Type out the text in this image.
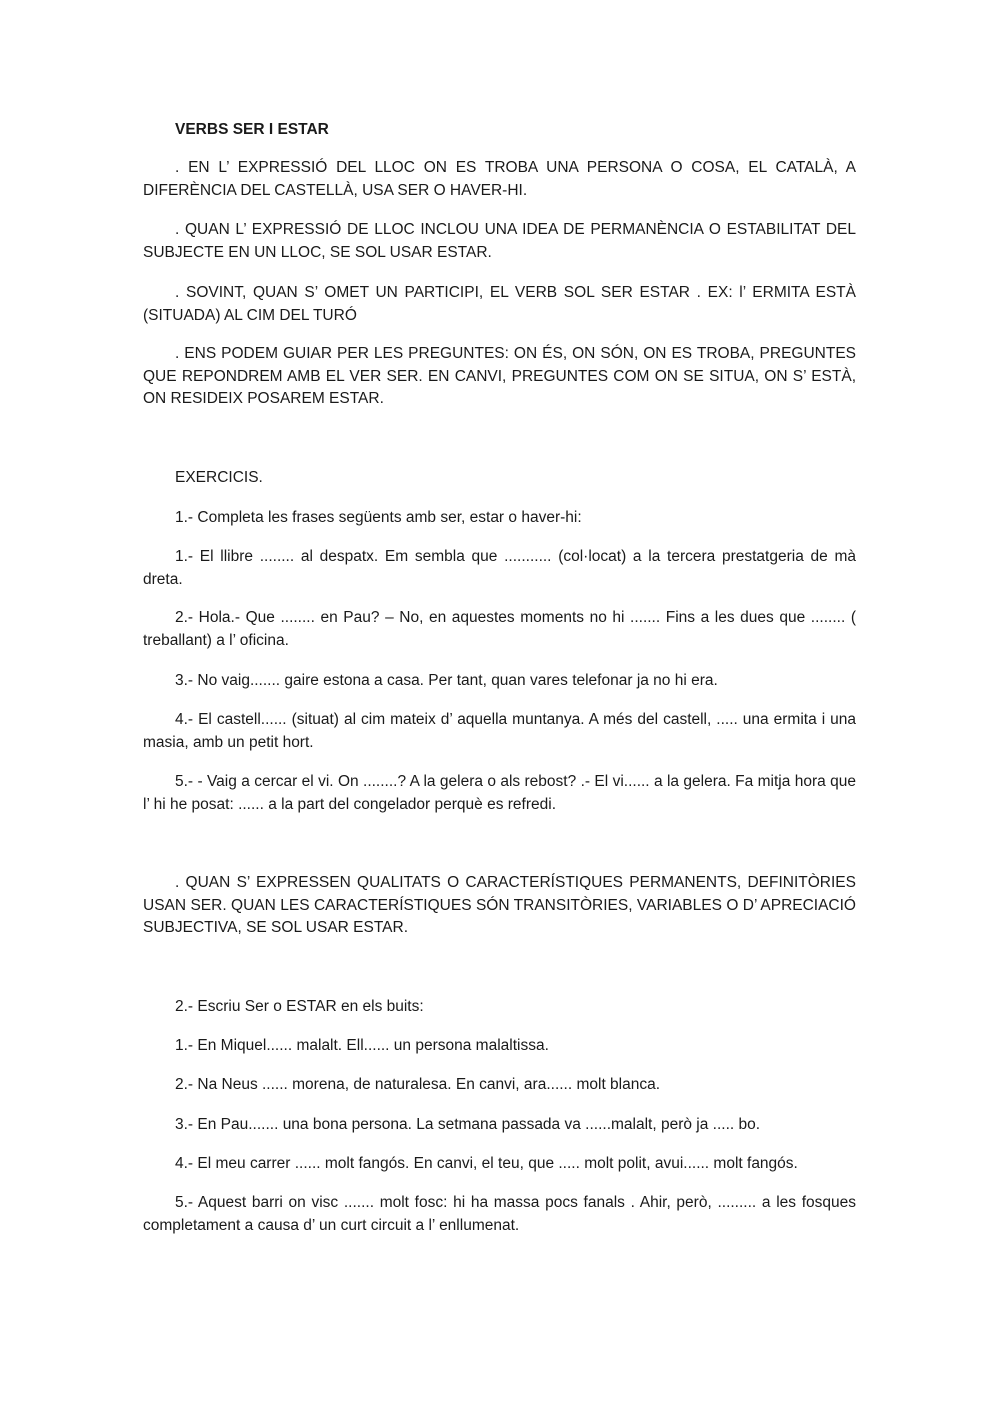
VERBS SER I ESTAR

. EN L’ EXPRESSIÓ DEL LLOC ON ES TROBA UNA PERSONA O COSA, EL CATALÀ, A DIFERÈNCIA DEL CASTELLÀ, USA SER O HAVER-HI.

. QUAN L’ EXPRESSIÓ DE LLOC INCLOU UNA IDEA DE PERMANÈNCIA O ESTABILITAT DEL SUBJECTE EN UN LLOC, SE SOL USAR ESTAR.

. SOVINT, QUAN S’ OMET UN PARTICIPI, EL VERB SOL SER ESTAR . EX: l’ ERMITA ESTÀ (SITUADA) AL CIM DEL TURÓ

. ENS PODEM GUIAR PER LES PREGUNTES: ON ÉS, ON SÓN, ON ES TROBA, PREGUNTES QUE REPONDREM AMB EL VER SER. EN CANVI, PREGUNTES COM ON SE SITUA, ON S’ ESTÀ, ON RESIDEIX POSAREM ESTAR.

EXERCICIS.

1.- Completa les frases següents amb ser, estar o haver-hi:

1.- El llibre ........ al despatx. Em sembla que ........... (col·locat) a la tercera prestatgeria de mà dreta.

2.- Hola.- Que ........ en Pau? – No, en aquestes moments no hi ....... Fins a les dues que ........ ( treballant) a l’ oficina.

3.- No vaig....... gaire estona a casa. Per tant, quan vares telefonar ja no hi era.

4.- El castell...... (situat) al cim mateix d’ aquella muntanya. A més del castell, ..... una ermita i una masia, amb un petit hort.

5.- - Vaig a cercar el vi. On ........? A la gelera o als rebost? .- El vi...... a la gelera. Fa mitja hora que l’ hi he posat: ...... a la part del congelador perquè es refredi.

. QUAN S’ EXPRESSEN QUALITATS O CARACTERÍSTIQUES PERMANENTS, DEFINITÒRIES USAN SER. QUAN LES CARACTERÍSTIQUES SÓN TRANSITÒRIES, VARIABLES O D’ APRECIACIÓ SUBJECTIVA, SE SOL USAR ESTAR.

2.- Escriu Ser o ESTAR en els buits:

1.- En Miquel...... malalt. Ell...... un persona malaltissa.

2.- Na Neus ...... morena, de naturalesa. En canvi, ara...... molt blanca.

3.- En Pau....... una bona persona. La setmana passada va ......malalt, però ja ..... bo.

4.- El meu carrer ...... molt fangós. En canvi, el teu, que ..... molt polit, avui...... molt fangós.

5.- Aquest barri on visc ....... molt fosc: hi ha massa pocs fanals . Ahir, però, ......... a les fosques completament a causa d’ un curt circuit a l’ enllumenat.
